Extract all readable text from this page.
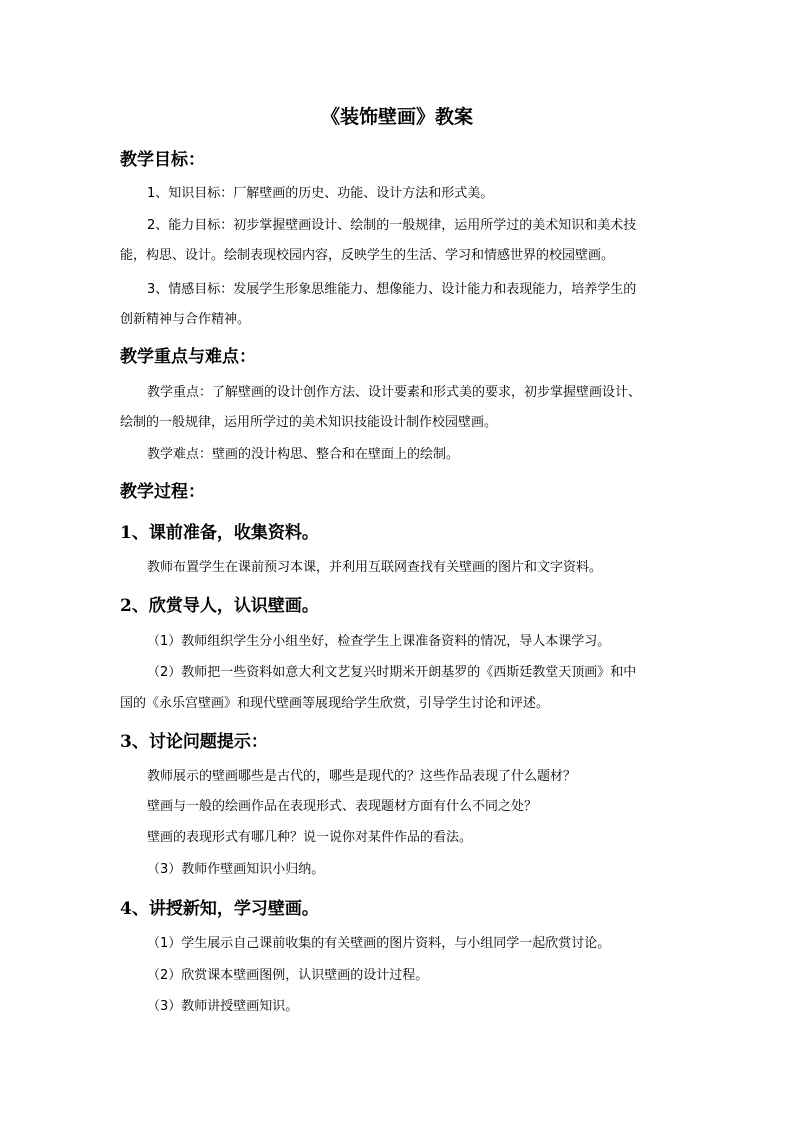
《装饰壁画》教案
教学目标：
1、知识目标：厂解壁画的历史、功能、设计方法和形式美。
2、能力目标：初步掌握壁画设计、绘制的一般规律，运用所学过的美术知识和美术技
能，构思、设计。绘制表现校园内容，反映学生的生活、学习和情感世界的校园壁画。
3、情感目标：发展学生形象思维能力、想像能力、设计能力和表现能力，培养学生的
创新精神与合作精神。
教学重点与难点：
教学重点：了解壁画的设计创作方法、设计要素和形式美的要求，初步掌握壁画设计、
绘制的一般规律，运用所学过的美术知识技能设计制作校园壁画。
教学难点：壁画的没计构思、整合和在壁面上的绘制。
教学过程：
1、课前准备，收集资料。
教师布置学生在课前预习本课，并利用互联网查找有关壁画的图片和文字资料。
2、欣赏导人，认识壁画。
（1）教师组织学生分小组坐好，检查学生上课准备资料的情况，导人本课学习。
（2）教师把一些资料如意大利文艺复兴时期米开朗基罗的《西斯廷教堂天顶画》和中
国的《永乐宫壁画》和现代壁画等展现给学生欣赏，引导学生讨论和评述。
3、讨论问题提示：
教师展示的壁画哪些是古代的，哪些是现代的？这些作品表现了什么题材？
壁画与一般的绘画作品在表现形式、表现题材方面有什么不同之处？
壁画的表现形式有哪几种？说一说你对某件作品的看法。
（3）教师作壁画知识小归纳。
4、讲授新知，学习壁画。
（1）学生展示自己课前收集的有关壁画的图片资料，与小组同学一起欣赏讨论。
（2）欣赏课本壁画图例，认识壁画的设计过程。
（3）教师讲授壁画知识。
